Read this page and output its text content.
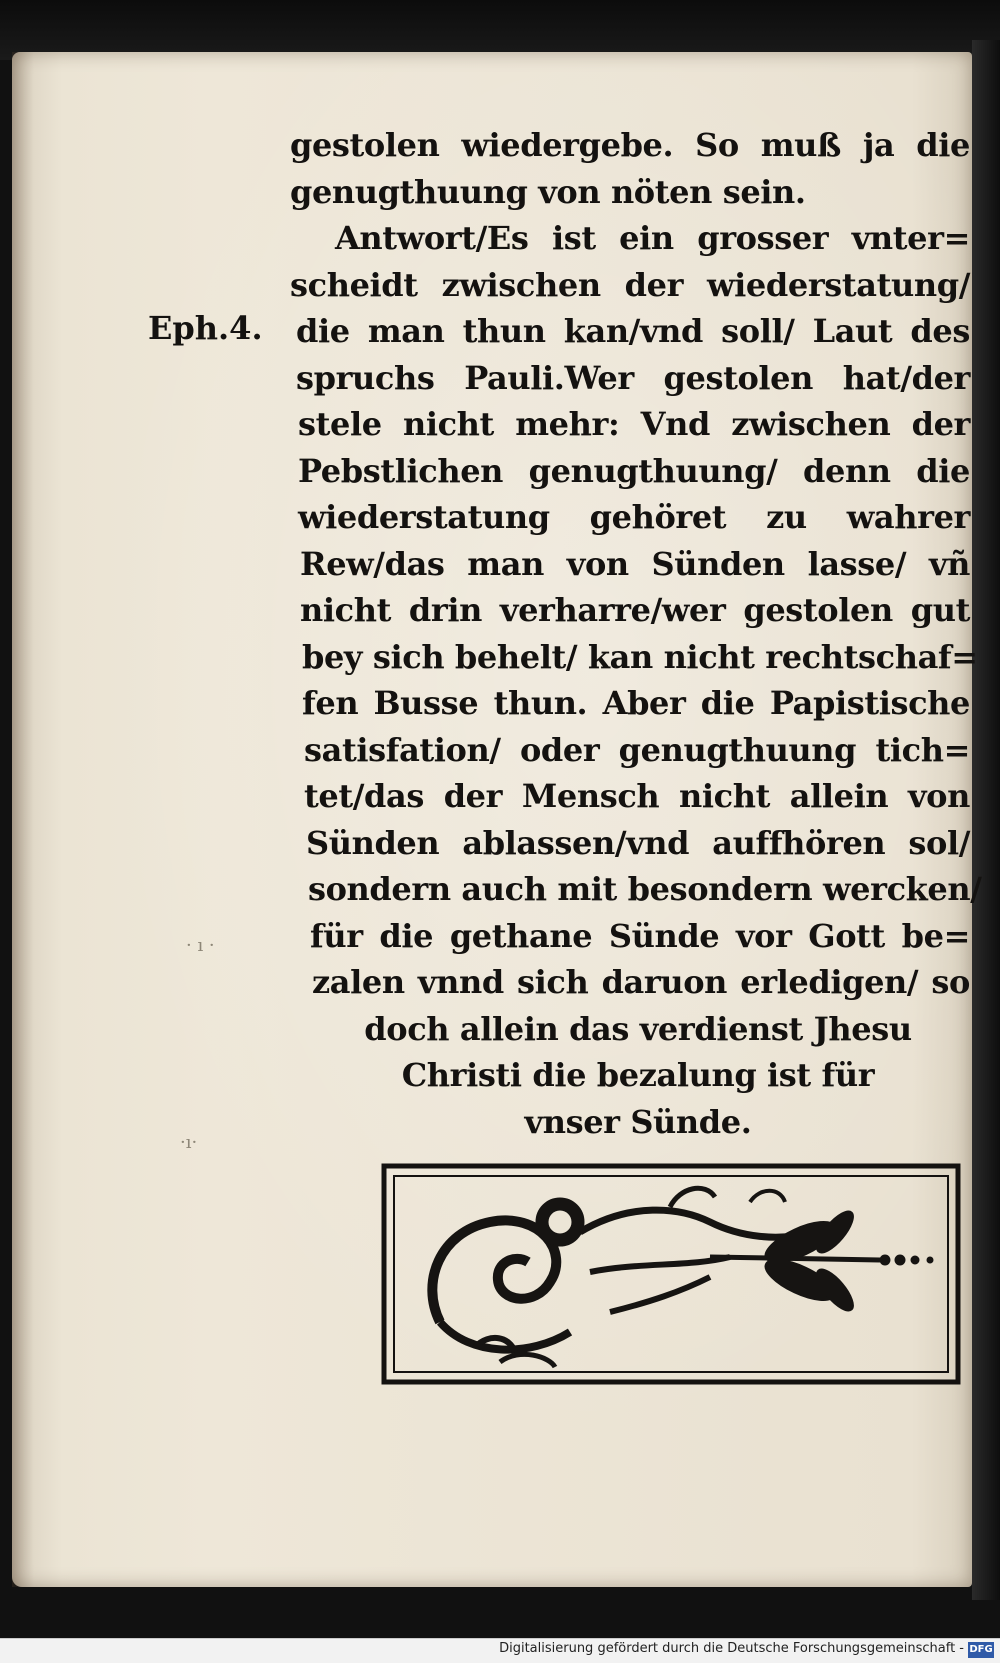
Eph.4.
· ı ·
·ı·
gestolen wiedergebe. So muß ja die
genugthuung von nöten sein.
Antwort/Es ist ein grosser vnter=
scheidt zwischen der wiederstatung/
die man thun kan/vnd soll/ Laut des
spruchs Pauli.Wer gestolen hat/der
stele nicht mehr: Vnd zwischen der
Pebstlichen genugthuung/ denn die
wiederstatung gehöret zu wahrer
Rew/das man von Sünden lasse/ vñ
nicht drin verharre/wer gestolen gut
bey sich behelt/ kan nicht rechtschaf=
fen Busse thun. Aber die Papistische
satisfation/ oder genugthuung tich=
tet/das der Mensch nicht allein von
Sünden ablassen/vnd auffhören sol/
sondern auch mit besondern wercken/
für die gethane Sünde vor Gott be=
zalen vnnd sich daruon erledigen/ so
doch allein das verdienst Jhesu
Christi die bezalung ist für
vnser Sünde.
Digitalisierung gefördert durch die Deutsche Forschungsgemeinschaft - DFG
